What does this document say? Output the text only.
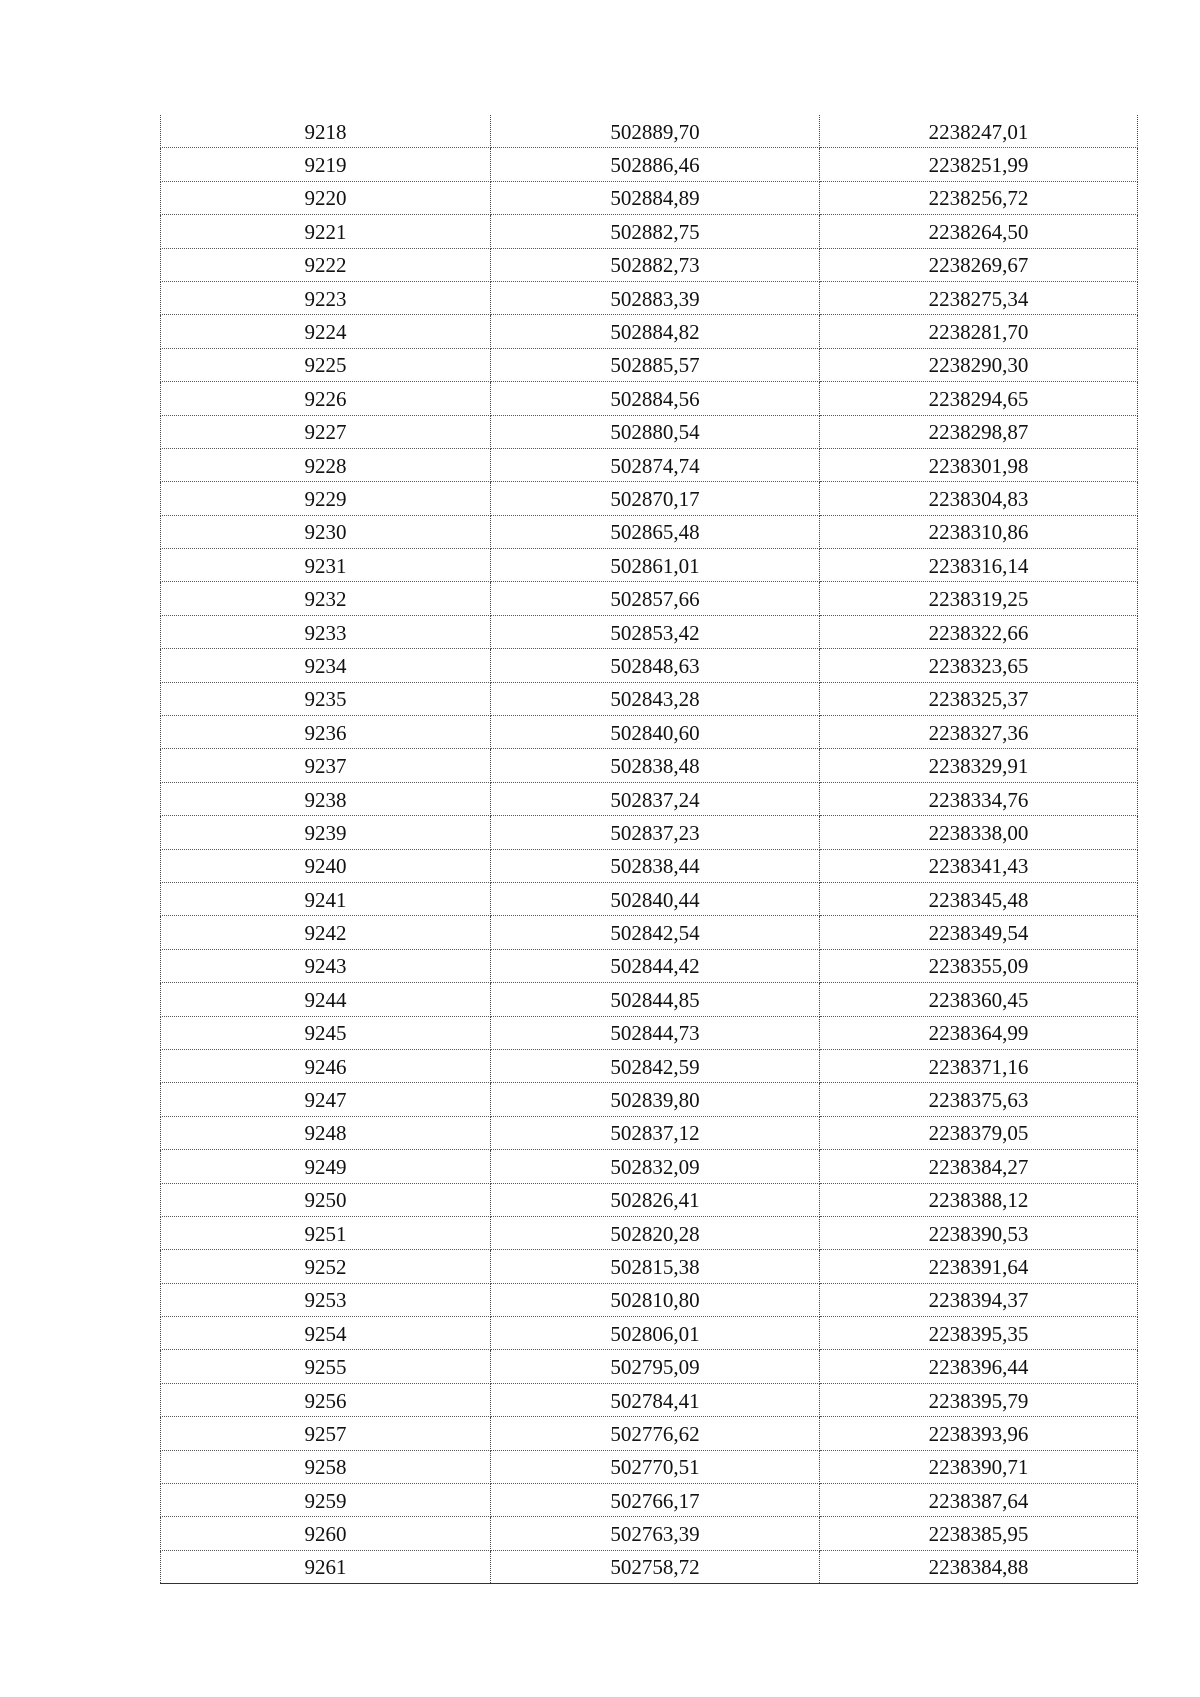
9218	502889,70	2238247,01
9219	502886,46	2238251,99
9220	502884,89	2238256,72
9221	502882,75	2238264,50
9222	502882,73	2238269,67
9223	502883,39	2238275,34
9224	502884,82	2238281,70
9225	502885,57	2238290,30
9226	502884,56	2238294,65
9227	502880,54	2238298,87
9228	502874,74	2238301,98
9229	502870,17	2238304,83
9230	502865,48	2238310,86
9231	502861,01	2238316,14
9232	502857,66	2238319,25
9233	502853,42	2238322,66
9234	502848,63	2238323,65
9235	502843,28	2238325,37
9236	502840,60	2238327,36
9237	502838,48	2238329,91
9238	502837,24	2238334,76
9239	502837,23	2238338,00
9240	502838,44	2238341,43
9241	502840,44	2238345,48
9242	502842,54	2238349,54
9243	502844,42	2238355,09
9244	502844,85	2238360,45
9245	502844,73	2238364,99
9246	502842,59	2238371,16
9247	502839,80	2238375,63
9248	502837,12	2238379,05
9249	502832,09	2238384,27
9250	502826,41	2238388,12
9251	502820,28	2238390,53
9252	502815,38	2238391,64
9253	502810,80	2238394,37
9254	502806,01	2238395,35
9255	502795,09	2238396,44
9256	502784,41	2238395,79
9257	502776,62	2238393,96
9258	502770,51	2238390,71
9259	502766,17	2238387,64
9260	502763,39	2238385,95
9261	502758,72	2238384,88
